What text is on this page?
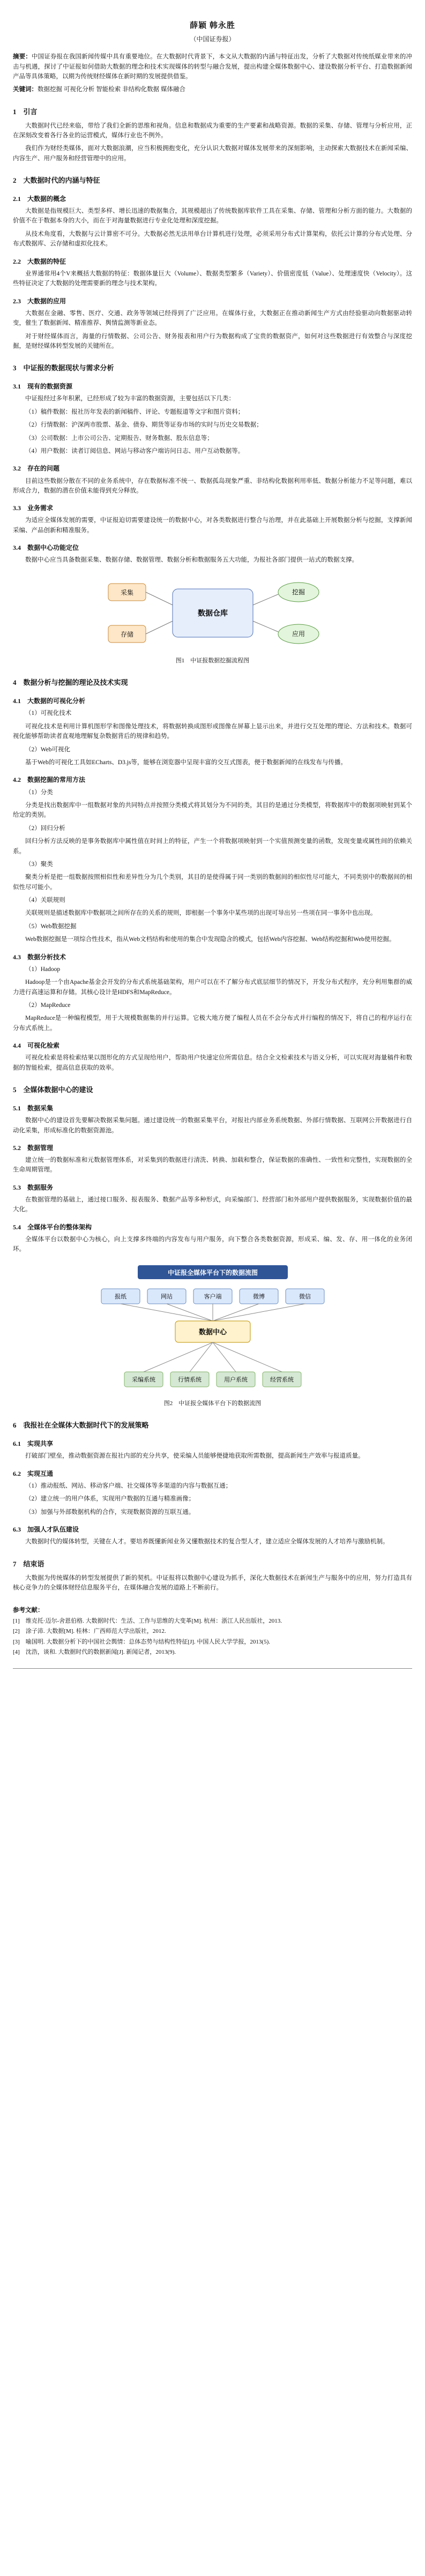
薛颖 韩永胜
（中国证券报）

摘要：中国证券报在我国新闻传媒中具有重要地位。在大数据时代背景下，本文从大数据的内涵与特征出发，分析了大数据对传统纸媒业带来的冲击与机遇，探讨了中证报如何借助大数据的理念和技术实现媒体的转型与融合发展，提出构建全媒体数据中心、建设数据分析平台、打造数据新闻产品等具体策略，以期为传统财经媒体在新时期的发展提供借鉴。

关键词：数据挖掘 可视化分析 智能检索 非结构化数据 媒体融合

1　引言

大数据时代已经来临，带给了我们全新的思维和视角。信息和数据成为重要的生产要素和战略资源。数据的采集、存储、管理与分析应用，正在深刻改变着各行各业的运营模式，媒体行业也不例外。

我们作为财经类媒体，面对大数据浪潮，应当积极拥抱变化，充分认识大数据对媒体发展带来的深刻影响，主动探索大数据技术在新闻采编、内容生产、用户服务和经营管理中的应用。

2　大数据时代的内涵与特征
2.1　大数据的概念

大数据是指规模巨大、类型多样、增长迅速的数据集合，其规模超出了传统数据库软件工具在采集、存储、管理和分析方面的能力。大数据的价值不在于数据本身的大小，而在于对海量数据进行专业化处理和深度挖掘。

从技术角度看，大数据与云计算密不可分。大数据必然无法用单台计算机进行处理，必须采用分布式计算架构，依托云计算的分布式处理、分布式数据库、云存储和虚拟化技术。

2.2　大数据的特征

业界通常用4个V来概括大数据的特征：数据体量巨大（Volume）、数据类型繁多（Variety）、价值密度低（Value）、处理速度快（Velocity）。这些特征决定了大数据的处理需要新的理念与技术架构。

2.3　大数据的应用

大数据在金融、零售、医疗、交通、政务等领域已经得到了广泛应用。在媒体行业，大数据正在推动新闻生产方式由经验驱动向数据驱动转变，催生了数据新闻、精准推荐、舆情监测等新业态。

对于财经媒体而言，海量的行情数据、公司公告、财务报表和用户行为数据构成了宝贵的数据资产，如何对这些数据进行有效整合与深度挖掘，是财经媒体转型发展的关键所在。

3　中证报的数据现状与需求分析
3.1　现有的数据资源

中证报经过多年积累，已经形成了较为丰富的数据资源，主要包括以下几类：

（1）稿件数据：报社历年发表的新闻稿件、评论、专题报道等文字和图片资料；

（2）行情数据：沪深两市股票、基金、债券、期货等证券市场的实时与历史交易数据；

（3）公司数据：上市公司公告、定期报告、财务数据、股东信息等；

（4）用户数据：读者订阅信息、网站与移动客户端访问日志、用户互动数据等。

3.2　存在的问题

目前这些数据分散在不同的业务系统中，存在数据标准不统一、数据孤岛现象严重、非结构化数据利用率低、数据分析能力不足等问题，难以形成合力，数据的潜在价值未能得到充分释放。

3.3　业务需求

为适应全媒体发展的需要，中证报迫切需要建设统一的数据中心，对各类数据进行整合与治理，并在此基础上开展数据分析与挖掘，支撑新闻采编、产品创新和精准服务。

3.4　数据中心功能定位

数据中心应当具备数据采集、数据存储、数据管理、数据分析和数据服务五大功能，为报社各部门提供一站式的数据支撑。

采集
存储
数据仓库
挖掘
应用
图1　中证报数据挖掘流程图
4　数据分析与挖掘的理论及技术实现
4.1　大数据的可视化分析

（1）可视化技术

可视化技术是利用计算机图形学和图像处理技术，将数据转换成图形或图像在屏幕上显示出来，并进行交互处理的理论、方法和技术。数据可视化能够帮助读者直观地理解复杂数据背后的规律和趋势。

（2）Web可视化

基于Web的可视化工具如ECharts、D3.js等，能够在浏览器中呈现丰富的交互式图表，便于数据新闻的在线发布与传播。

4.2　数据挖掘的常用方法

（1）分类

分类是找出数据库中一组数据对象的共同特点并按照分类模式将其划分为不同的类，其目的是通过分类模型，将数据库中的数据项映射到某个给定的类别。

（2）回归分析

回归分析方法反映的是事务数据库中属性值在时间上的特征，产生一个将数据项映射到一个实值预测变量的函数，发现变量或属性间的依赖关系。

（3）聚类

聚类分析是把一组数据按照相似性和差异性分为几个类别，其目的是使得属于同一类别的数据间的相似性尽可能大，不同类别中的数据间的相似性尽可能小。

（4）关联规则

关联规则是描述数据库中数据项之间所存在的关系的规则，即根据一个事务中某些项的出现可导出另一些项在同一事务中也出现。

（5）Web数据挖掘

Web数据挖掘是一项综合性技术，指从Web文档结构和使用的集合中发现隐含的模式，包括Web内容挖掘、Web结构挖掘和Web使用挖掘。

4.3　数据分析技术

（1）Hadoop

Hadoop是一个由Apache基金会开发的分布式系统基础架构，用户可以在不了解分布式底层细节的情况下，开发分布式程序，充分利用集群的威力进行高速运算和存储。其核心设计是HDFS和MapReduce。

（2）MapReduce

MapReduce是一种编程模型，用于大规模数据集的并行运算。它极大地方便了编程人员在不会分布式并行编程的情况下，将自己的程序运行在分布式系统上。

4.4　可视化检索

可视化检索是将检索结果以图形化的方式呈现给用户，帮助用户快速定位所需信息。结合全文检索技术与语义分析，可以实现对海量稿件和数据的智能检索，提高信息获取的效率。

5　全媒体数据中心的建设
5.1　数据采集

数据中心的建设首先要解决数据采集问题。通过建设统一的数据采集平台，对报社内部业务系统数据、外部行情数据、互联网公开数据进行自动化采集，形成标准化的数据资源池。

5.2　数据管理

建立统一的数据标准和元数据管理体系，对采集到的数据进行清洗、转换、加载和整合，保证数据的准确性、一致性和完整性，实现数据的全生命周期管理。

5.3　数据服务

在数据管理的基础上，通过接口服务、报表服务、数据产品等多种形式，向采编部门、经营部门和外部用户提供数据服务，实现数据价值的最大化。

5.4　全媒体平台的整体架构

全媒体平台以数据中心为核心，向上支撑多终端的内容发布与用户服务，向下整合各类数据资源，形成采、编、发、存、用一体化的业务闭环。

中证报全媒体平台下的数据流图
报纸	网站	客户端	微博	微信
数据中心
采编系统	行情系统	用户系统	经营系统
图2　中证报全媒体平台下的数据流图
6　我报社在全媒体大数据时代下的发展策略
6.1　实现共享

打破部门壁垒，推动数据资源在报社内部的充分共享，使采编人员能够便捷地获取所需数据，提高新闻生产效率与报道质量。

6.2　实现互通

（1）推动报纸、网站、移动客户端、社交媒体等多渠道的内容与数据互通；

（2）建立统一的用户体系，实现用户数据的互通与精准画像；

（3）加强与外部数据机构的合作，实现数据资源的互联互通。

6.3　加强人才队伍建设

大数据时代的媒体转型，关键在人才。要培养既懂新闻业务又懂数据技术的复合型人才，建立适应全媒体发展的人才培养与激励机制。

7　结束语

大数据为传统媒体的转型发展提供了新的契机。中证报将以数据中心建设为抓手，深化大数据技术在新闻生产与服务中的应用，努力打造具有核心竞争力的全媒体财经信息服务平台，在媒体融合发展的道路上不断前行。

参考文献：
[1]　维克托·迈尔-舍恩伯格. 大数据时代：生活、工作与思维的大变革[M]. 杭州：浙江人民出版社，2013.
[2]　涂子沛. 大数据[M]. 桂林：广西师范大学出版社，2012.
[3]　喻国明. 大数据分析下的中国社会舆情：总体态势与结构性特征[J]. 中国人民大学学报，2013(5).
[4]　沈浩，谈和. 大数据时代的数据新闻[J]. 新闻记者，2013(9).
